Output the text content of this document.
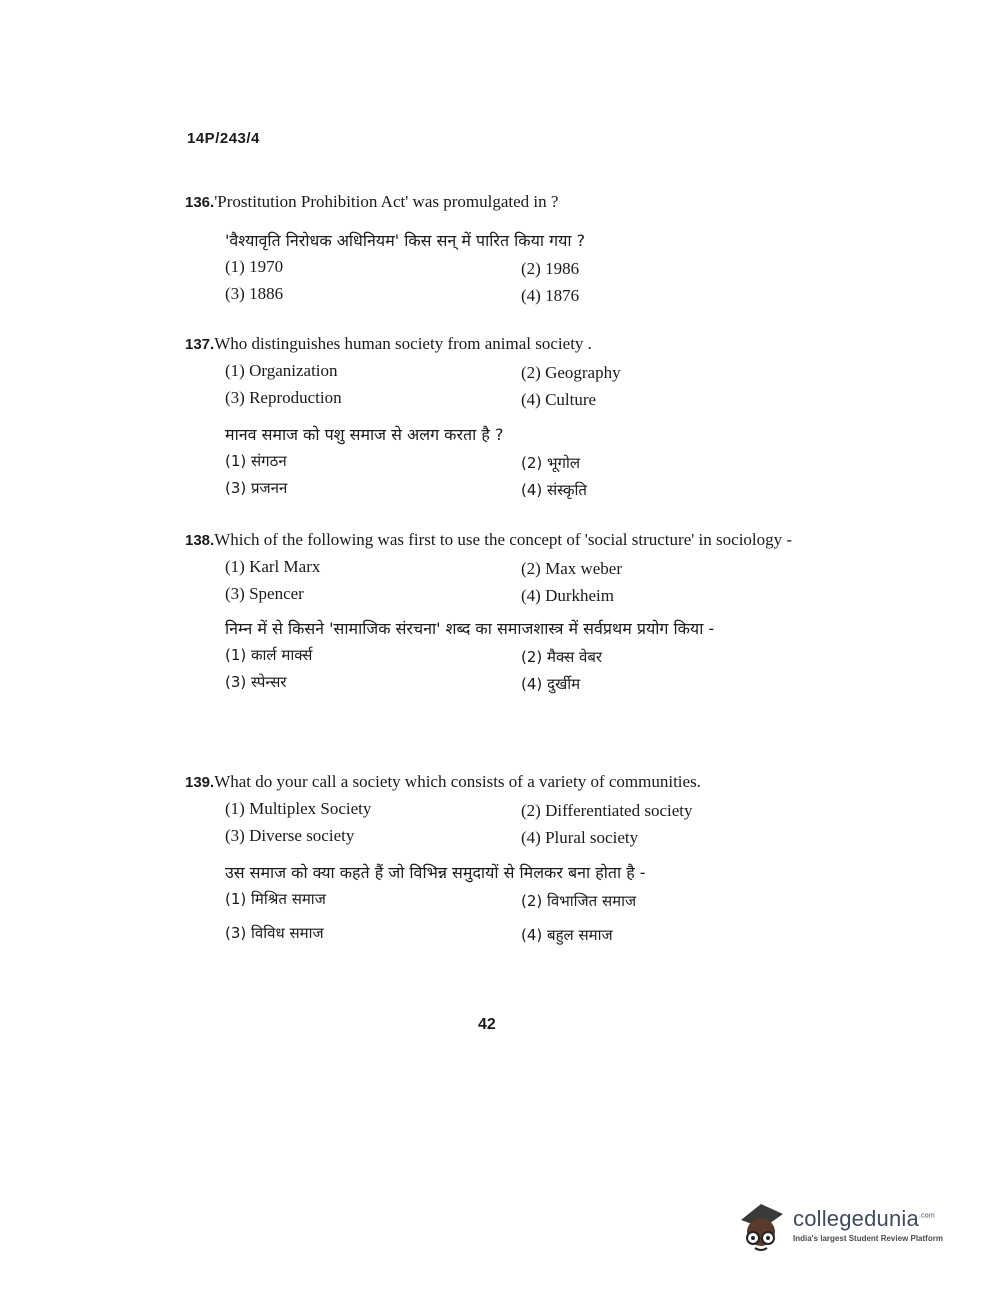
14P/243/4

136.'Prostitution Prohibition Act' was promulgated in ?

'वैश्यावृति निरोधक अधिनियम' किस सन् में पारित किया गया ?

(1) 1970	(2) 1986
(3) 1886	(4) 1876

137.Who distinguishes human society from animal society .

(1) Organization	(2) Geography
(3) Reproduction	(4) Culture

मानव समाज को पशु समाज से अलग करता है ?

(1) संगठन	(2) भूगोल
(3) प्रजनन	(4) संस्कृति

138.Which of the following was first to use the concept of 'social structure' in sociology -

(1) Karl Marx	(2) Max weber
(3) Spencer	(4) Durkheim

निम्न में से किसने 'सामाजिक संरचना' शब्द का समाजशास्त्र में सर्वप्रथम प्रयोग किया -

(1) कार्ल मार्क्स	(2) मैक्स वेबर
(3) स्पेन्सर	(4) दुर्खीम

139.What do your call a society which consists of a variety of communities.

(1) Multiplex Society	(2) Differentiated society
(3) Diverse society	(4) Plural society

उस समाज को क्या कहते हैं जो विभिन्न समुदायों से मिलकर बना होता है -

(1) मिश्रित समाज	(2) विभाजित समाज
(3) विविध समाज	(4) बहुल समाज
42
collegedunia$^{.com}$
India's largest Student Review Platform
